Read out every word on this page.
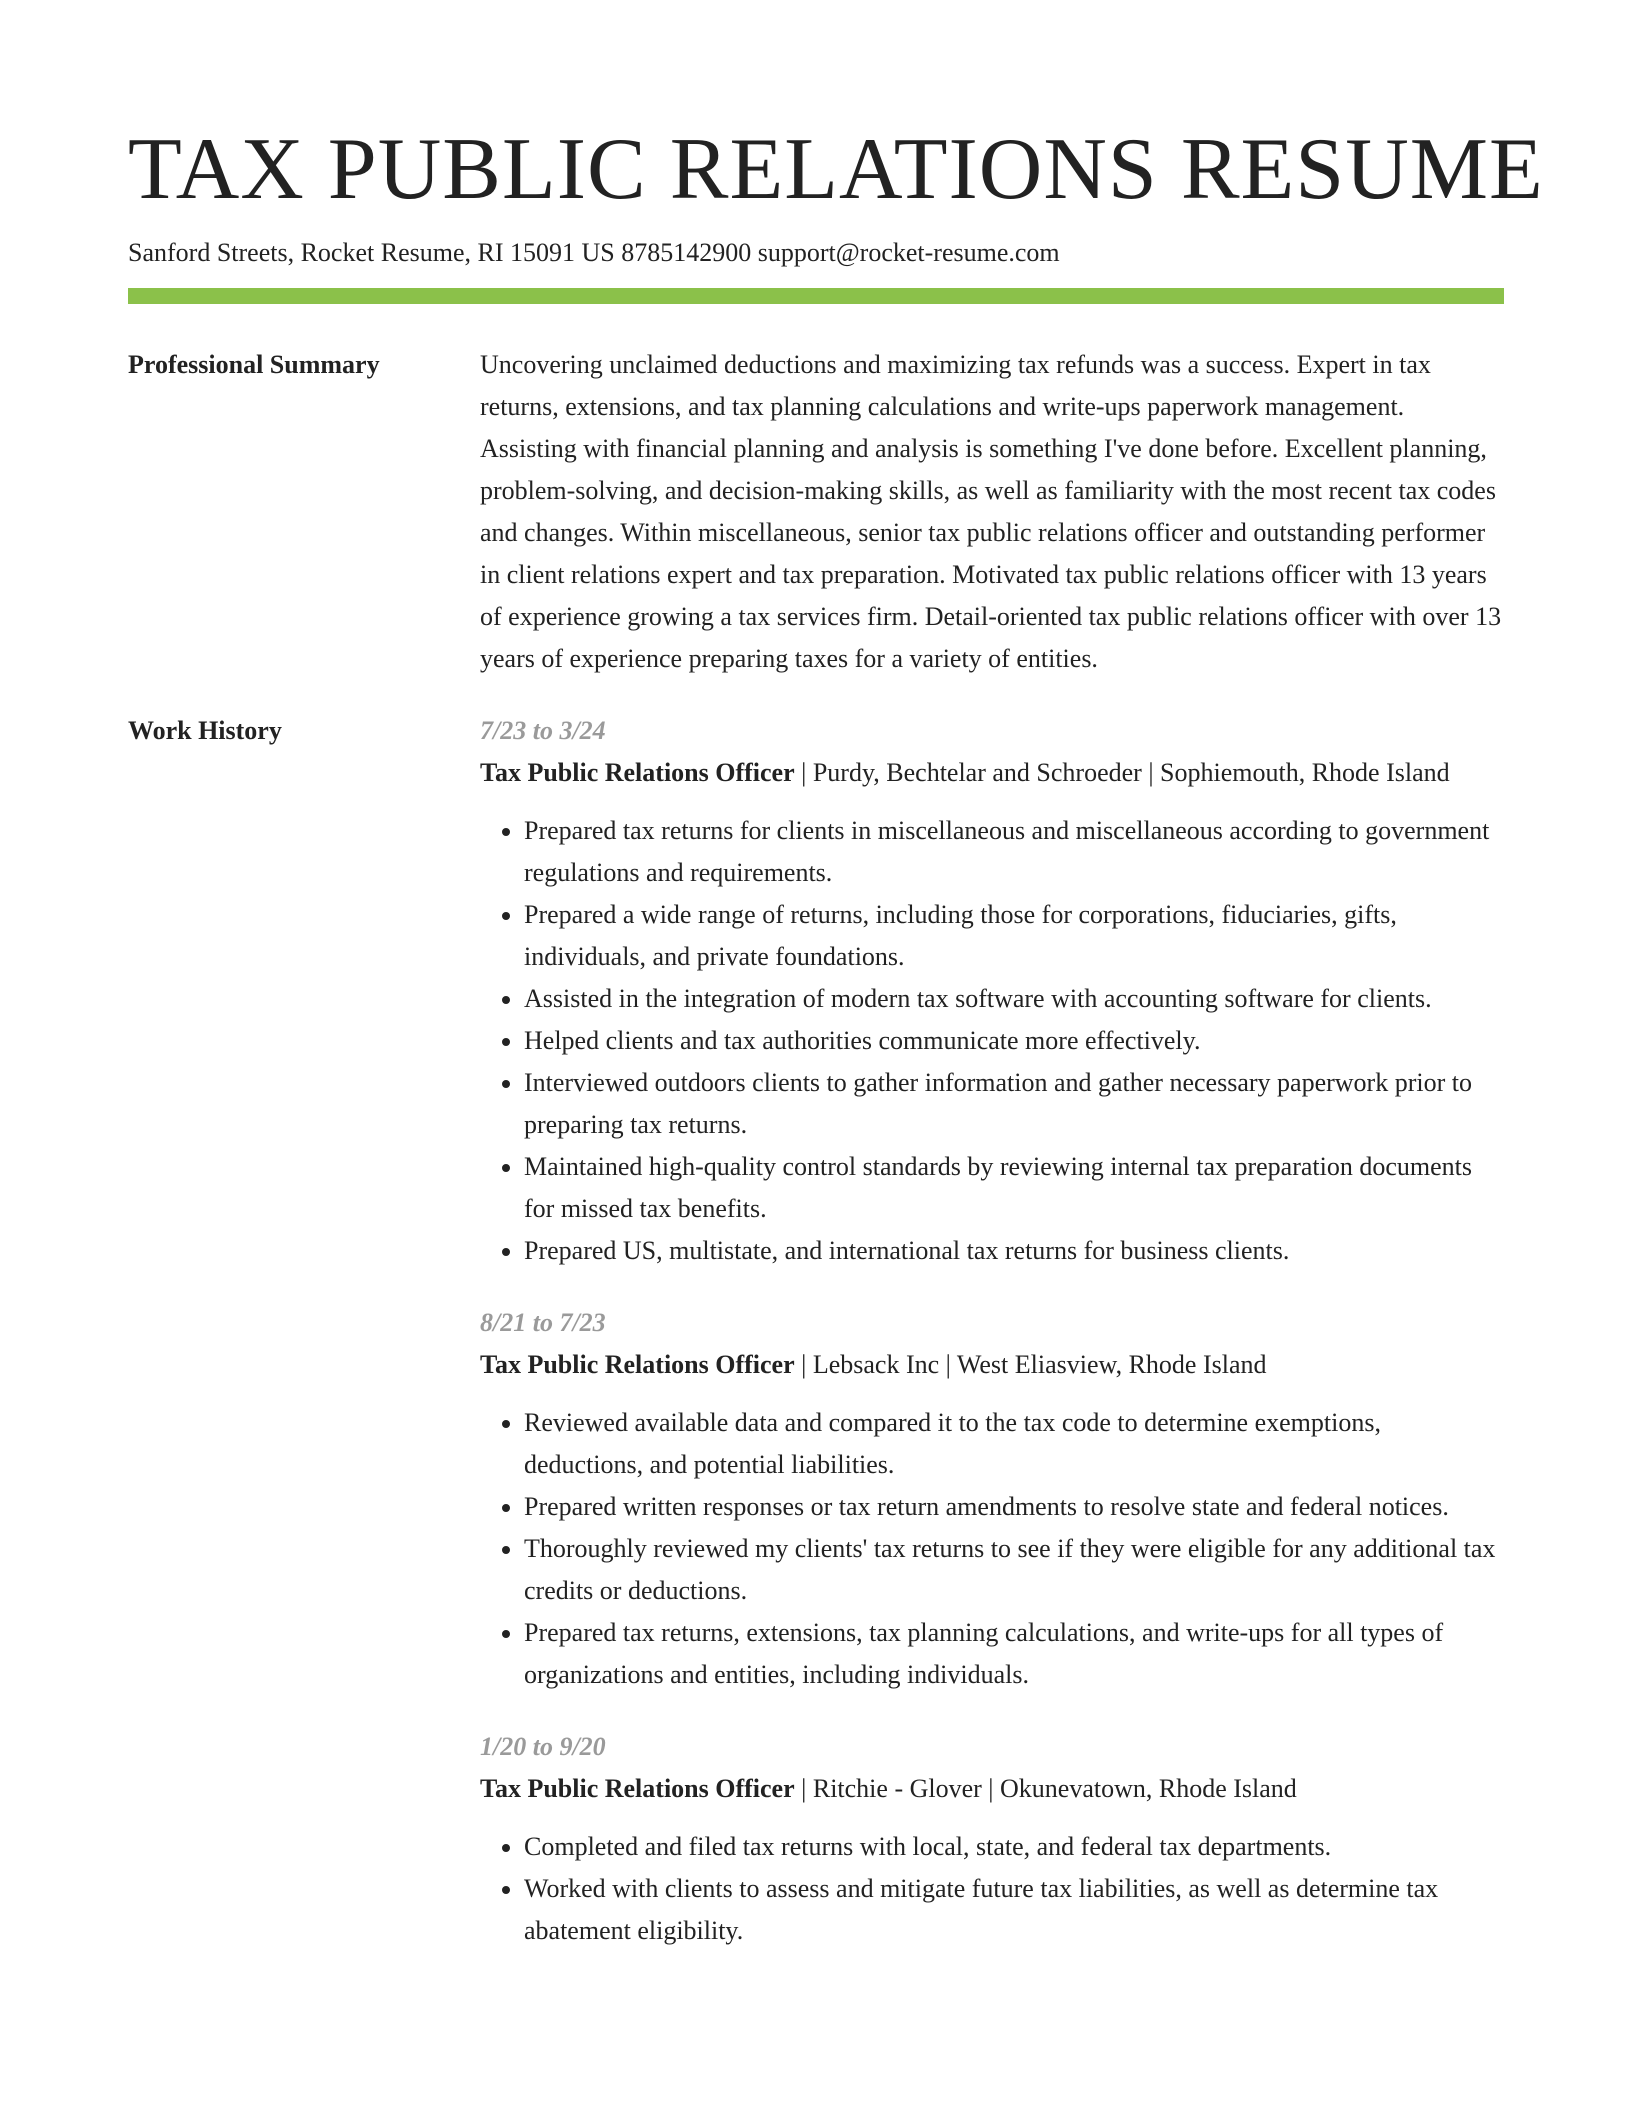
TAX PUBLIC RELATIONS RESUME
Sanford Streets, Rocket Resume, RI 15091 US 8785142900 support@rocket-resume.com
Professional Summary	Uncovering unclaimed deductions and maximizing tax refunds was a success. Expert in tax returns, extensions, and tax planning calculations and write-ups paperwork management. Assisting with financial planning and analysis is something I've done before. Excellent planning, problem-solving, and decision-making skills, as well as familiarity with the most recent tax codes and changes. Within miscellaneous, senior tax public relations officer and outstanding performer in client relations expert and tax preparation. Motivated tax public relations officer with 13 years of experience growing a tax services firm. Detail-oriented tax public relations officer with over 13 years of experience preparing taxes for a variety of entities.

Work History	7/23 to 3/24
Tax Public Relations Officer | Purdy, Bechtelar and Schroeder | Sophiemouth, Rhode Island
• Prepared tax returns for clients in miscellaneous and miscellaneous according to government regulations and requirements.
• Prepared a wide range of returns, including those for corporations, fiduciaries, gifts, individuals, and private foundations.
• Assisted in the integration of modern tax software with accounting software for clients.
• Helped clients and tax authorities communicate more effectively.
• Interviewed outdoors clients to gather information and gather necessary paperwork prior to preparing tax returns.
• Maintained high-quality control standards by reviewing internal tax preparation documents for missed tax benefits.
• Prepared US, multistate, and international tax returns for business clients.
8/21 to 7/23
Tax Public Relations Officer | Lebsack Inc | West Eliasview, Rhode Island
• Reviewed available data and compared it to the tax code to determine exemptions, deductions, and potential liabilities.
• Prepared written responses or tax return amendments to resolve state and federal notices.
• Thoroughly reviewed my clients' tax returns to see if they were eligible for any additional tax credits or deductions.
• Prepared tax returns, extensions, tax planning calculations, and write-ups for all types of organizations and entities, including individuals.
1/20 to 9/20
Tax Public Relations Officer | Ritchie - Glover | Okunevatown, Rhode Island
• Completed and filed tax returns with local, state, and federal tax departments.
• Worked with clients to assess and mitigate future tax liabilities, as well as determine tax abatement eligibility.
